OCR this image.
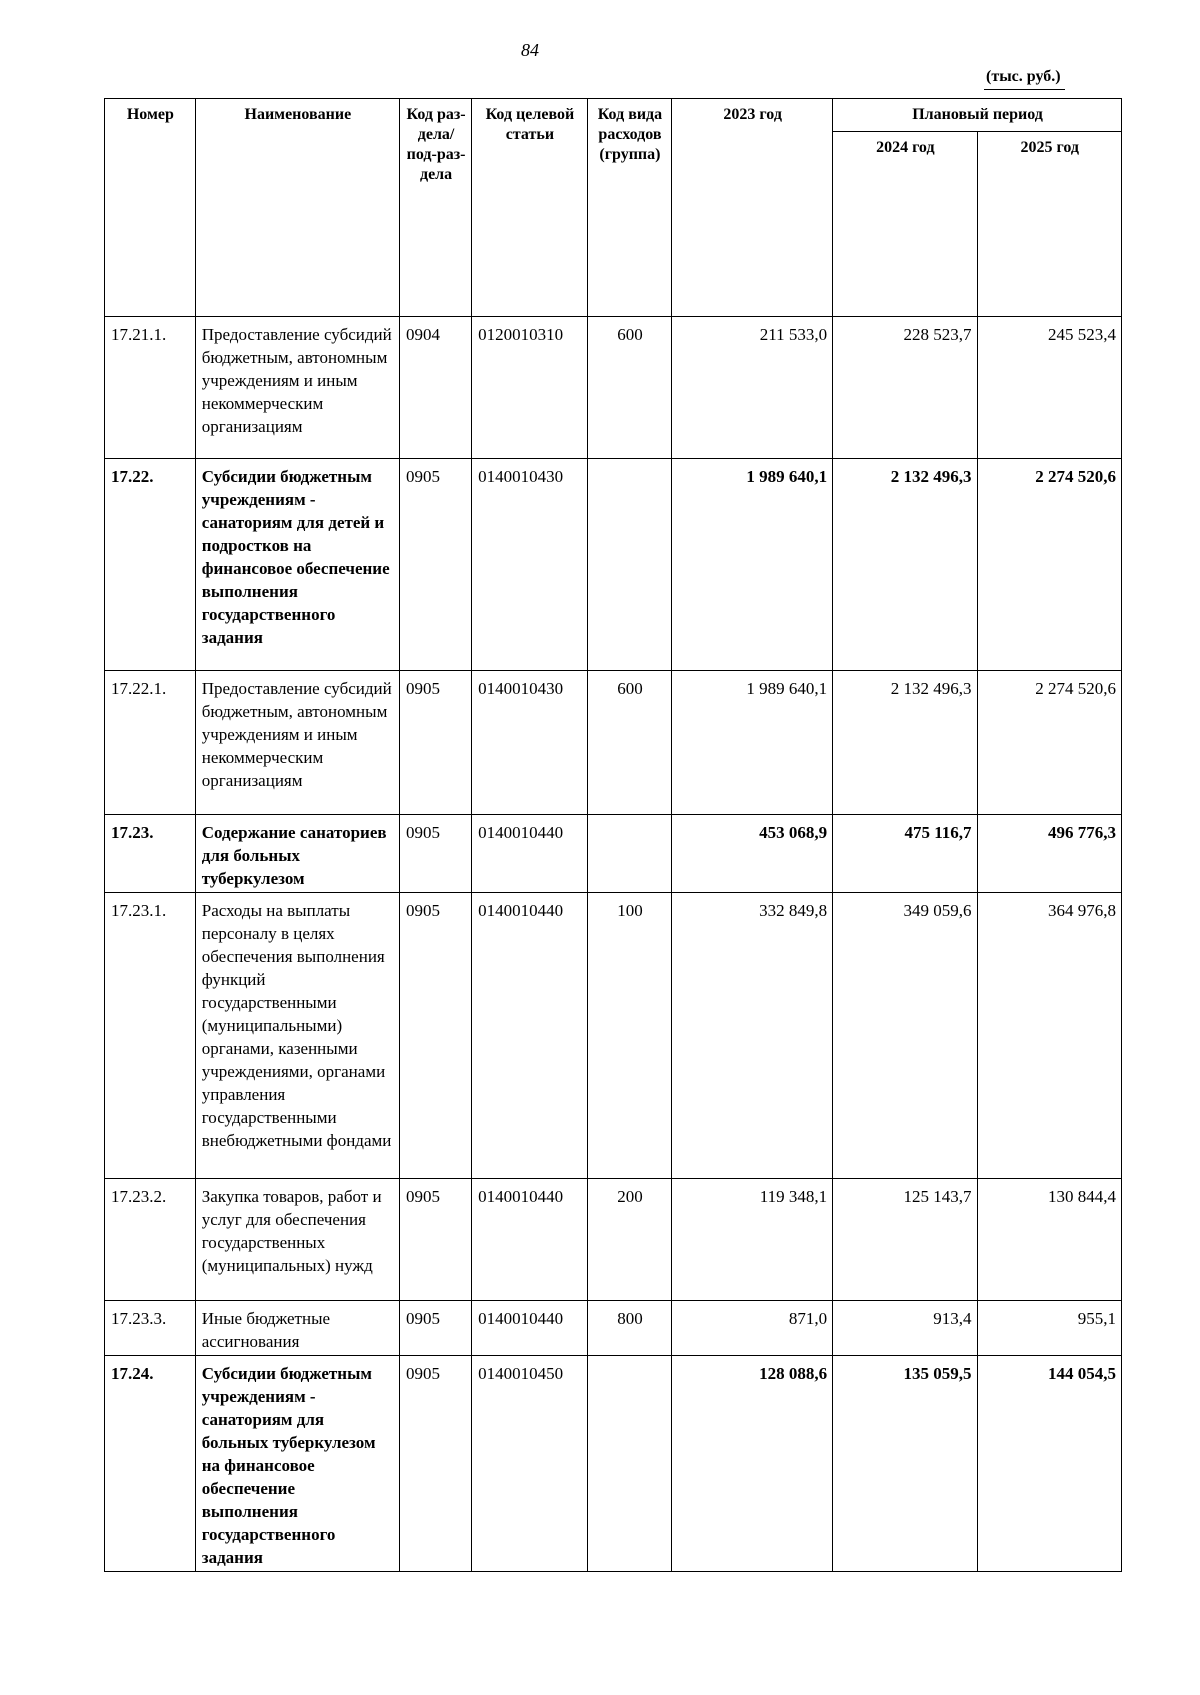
84
(тыс. руб.)
Номер	Наименование	Код раз-дела/ под-раз-дела	Код целевой статьи	Код вида расходов (группа)	2023 год	Плановый период	
						2024 год	2025 год
17.21.1.	Предоставление субсидий бюджетным, автономным учреждениям и иным некоммерческим организациям	0904	0120010310	600	211 533,0	228 523,7	245 523,4
17.22.	Субсидии бюджетным учреждениям - санаториям для детей и подростков на финансовое обеспечение выполнения государственного задания	0905	0140010430		1 989 640,1	2 132 496,3	2 274 520,6
17.22.1.	Предоставление субсидий бюджетным, автономным учреждениям и иным некоммерческим организациям	0905	0140010430	600	1 989 640,1	2 132 496,3	2 274 520,6
17.23.	Содержание санаториев для больных туберкулезом	0905	0140010440		453 068,9	475 116,7	496 776,3
17.23.1.	Расходы на выплаты персоналу в целях обеспечения выполнения функций государственными (муниципальными) органами, казенными учреждениями, органами управления государственными внебюджетными фондами	0905	0140010440	100	332 849,8	349 059,6	364 976,8
17.23.2.	Закупка товаров, работ и услуг для обеспечения государственных (муниципальных) нужд	0905	0140010440	200	119 348,1	125 143,7	130 844,4
17.23.3.	Иные бюджетные ассигнования	0905	0140010440	800	871,0	913,4	955,1
17.24.	Субсидии бюджетным учреждениям - санаториям для больных туберкулезом на финансовое обеспечение выполнения государственного задания	0905	0140010450		128 088,6	135 059,5	144 054,5
